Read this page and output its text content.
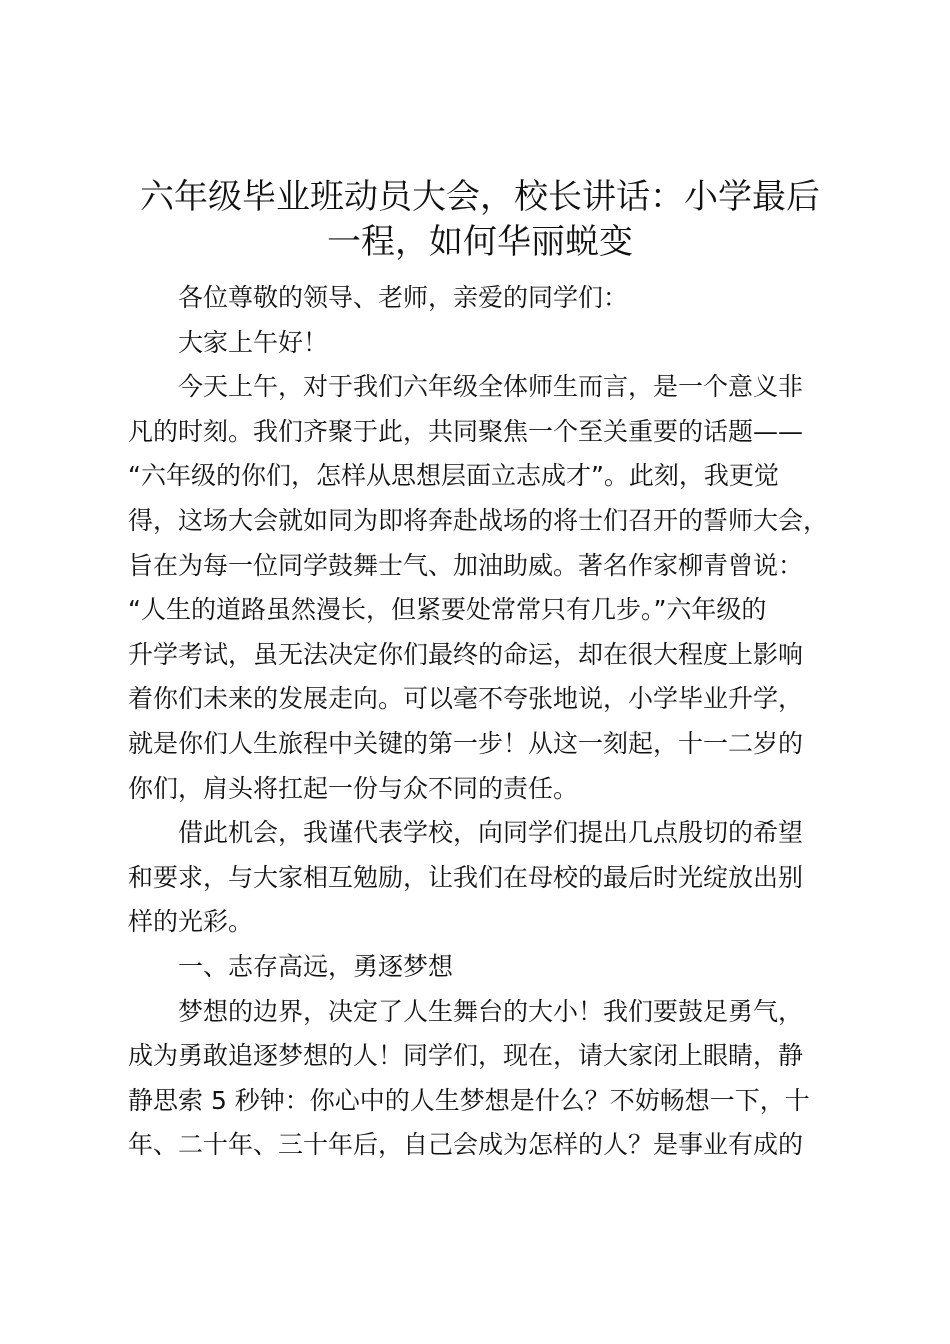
六年级毕业班动员大会，校长讲话：小学最后
一程，如何华丽蜕变
各位尊敬的领导、老师，亲爱的同学们：
大家上午好！
今天上午，对于我们六年级全体师生而言，是一个意义非
凡的时刻。我们齐聚于此，共同聚焦一个至关重要的话题——
“六年级的你们，怎样从思想层面立志成才”。此刻，我更觉
得，这场大会就如同为即将奔赴战场的将士们召开的誓师大会，
旨在为每一位同学鼓舞士气、加油助威。著名作家柳青曾说：
“人生的道路虽然漫长，但紧要处常常只有几步。”六年级的
升学考试，虽无法决定你们最终的命运，却在很大程度上影响
着你们未来的发展走向。可以毫不夸张地说，小学毕业升学，
就是你们人生旅程中关键的第一步！从这一刻起，十一二岁的
你们，肩头将扛起一份与众不同的责任。
借此机会，我谨代表学校，向同学们提出几点殷切的希望
和要求，与大家相互勉励，让我们在母校的最后时光绽放出别
样的光彩。
一、志存高远，勇逐梦想
梦想的边界，决定了人生舞台的大小！我们要鼓足勇气，
成为勇敢追逐梦想的人！同学们，现在，请大家闭上眼睛，静
静思索 5 秒钟：你心中的人生梦想是什么？不妨畅想一下，十
年、二十年、三十年后，自己会成为怎样的人？是事业有成的
